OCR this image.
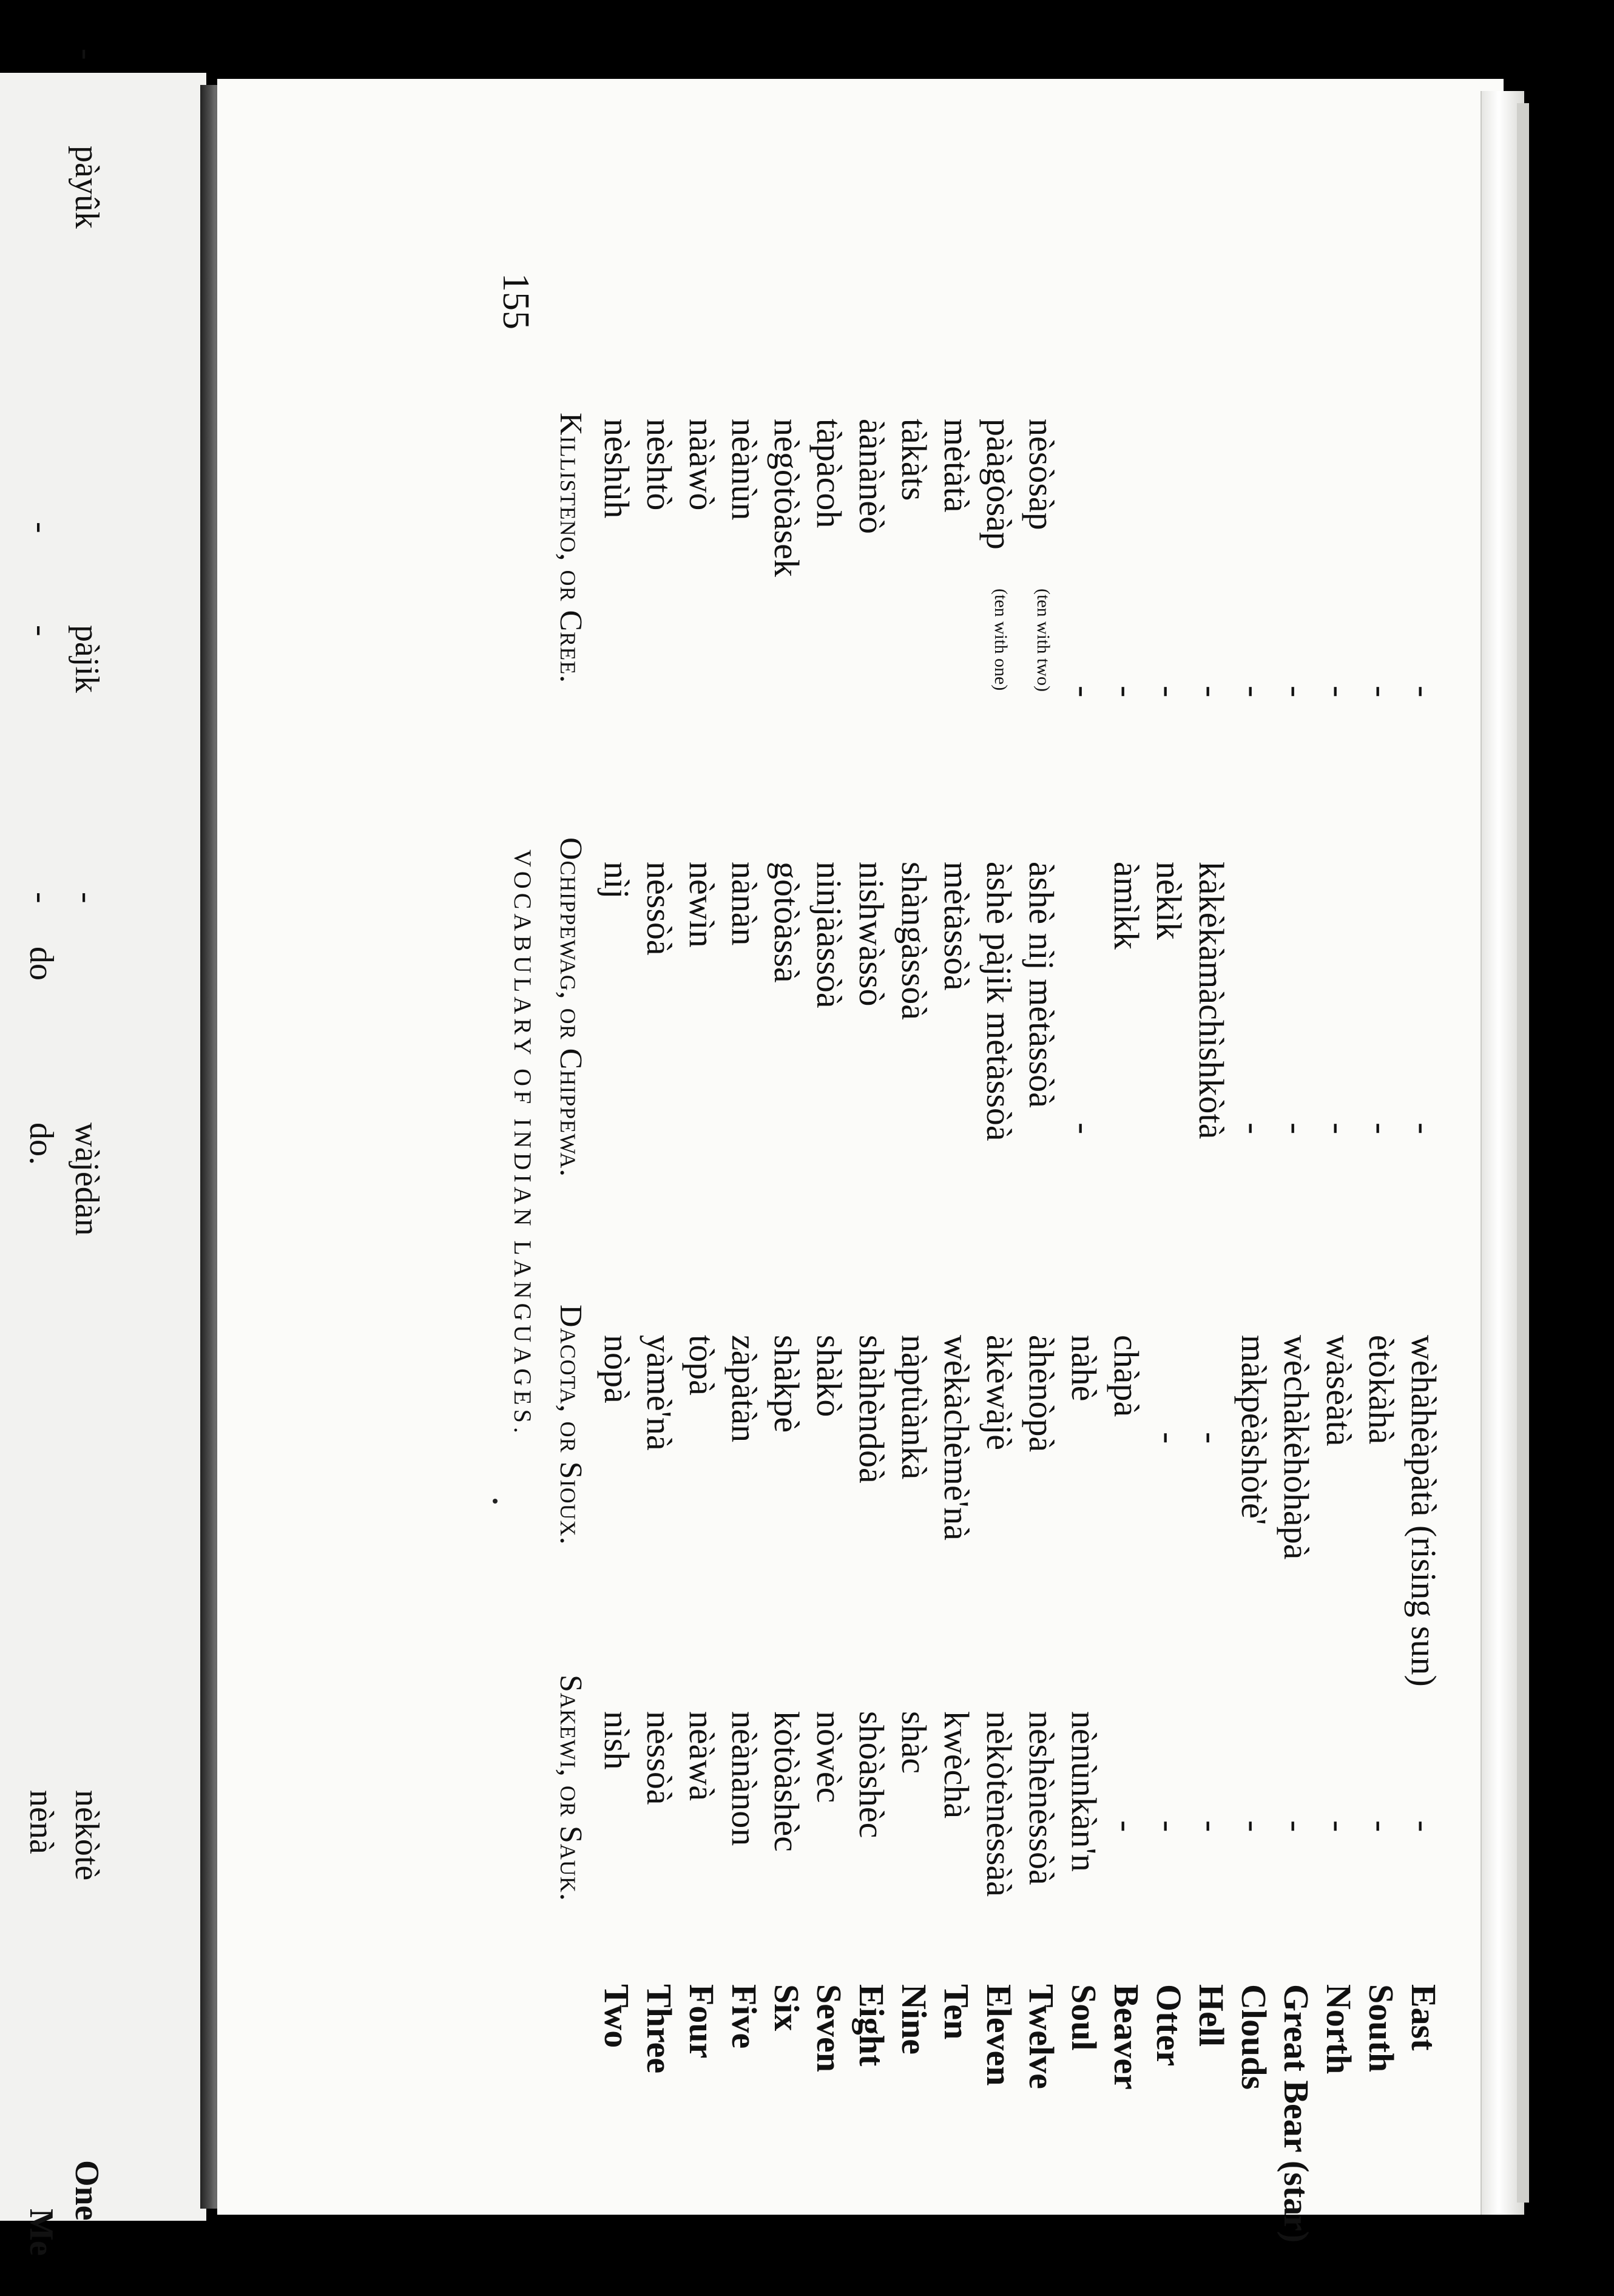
Me
nènà
do.
do
-
-
-
One
nèkòtè
wàjèdàn
pàjik
-
pàyûk
-
155
VOCABULARY OF INDIAN LANGUAGES.
Sakewi, or Sauk.
Dacota, or Sioux.
Ochippewag, or Chippewa.
Killisteno, or Cree.
Two
nìsh
nòpà
nìj
nèshùh
Three
nèssòà
yàmè'nà
nèssòà
nèshtò
Four
nèàwà
tòpà
nèwìn
nààwò
Five
nèànànon
zàpàtàn
nànàn
nèànùn
Six
kòtòàshèc
shàkpè
gòtòàssà
nègòtòàsek
Seven
nòwèc
shàkò
ninjààssòà
tàpàcoh
Eight
shòàshèc
shàhèndòà
nishwàssò
àànànèò
Nine
shàc
nàptùànkà
shàngàssòà
tàkàts
Ten
kwèchà
wèkàchèmè'nà
mètàssòà
mètàtà
Eleven
nèkòtènèssàà
àkèwàjè
àshè pàjik mètàssòà
(ten with one)
pààgòsàp
Twelve
nèshènèssòà
àhènòpà
àshè nìj mètàssòà
(ten with two)
nèsòsàp
Soul
nènùnkàn'n
nàhè
-
-
Beaver
-
chàpà
àmìkk
-
Otter
-
-
nèkìk
-
Hell
-
-
kàkèkàmàchìshkòtà
-
Clouds
-
màkpèàshòtè'
-
-
Great Bear (star)
-
wèchàkèhòhàpà
-
-
North
-
wàsèàtà
-
-
South
-
ètòkàhà
-
-
East
-
wèhàhèàpàtà (rising sun)
-
-
